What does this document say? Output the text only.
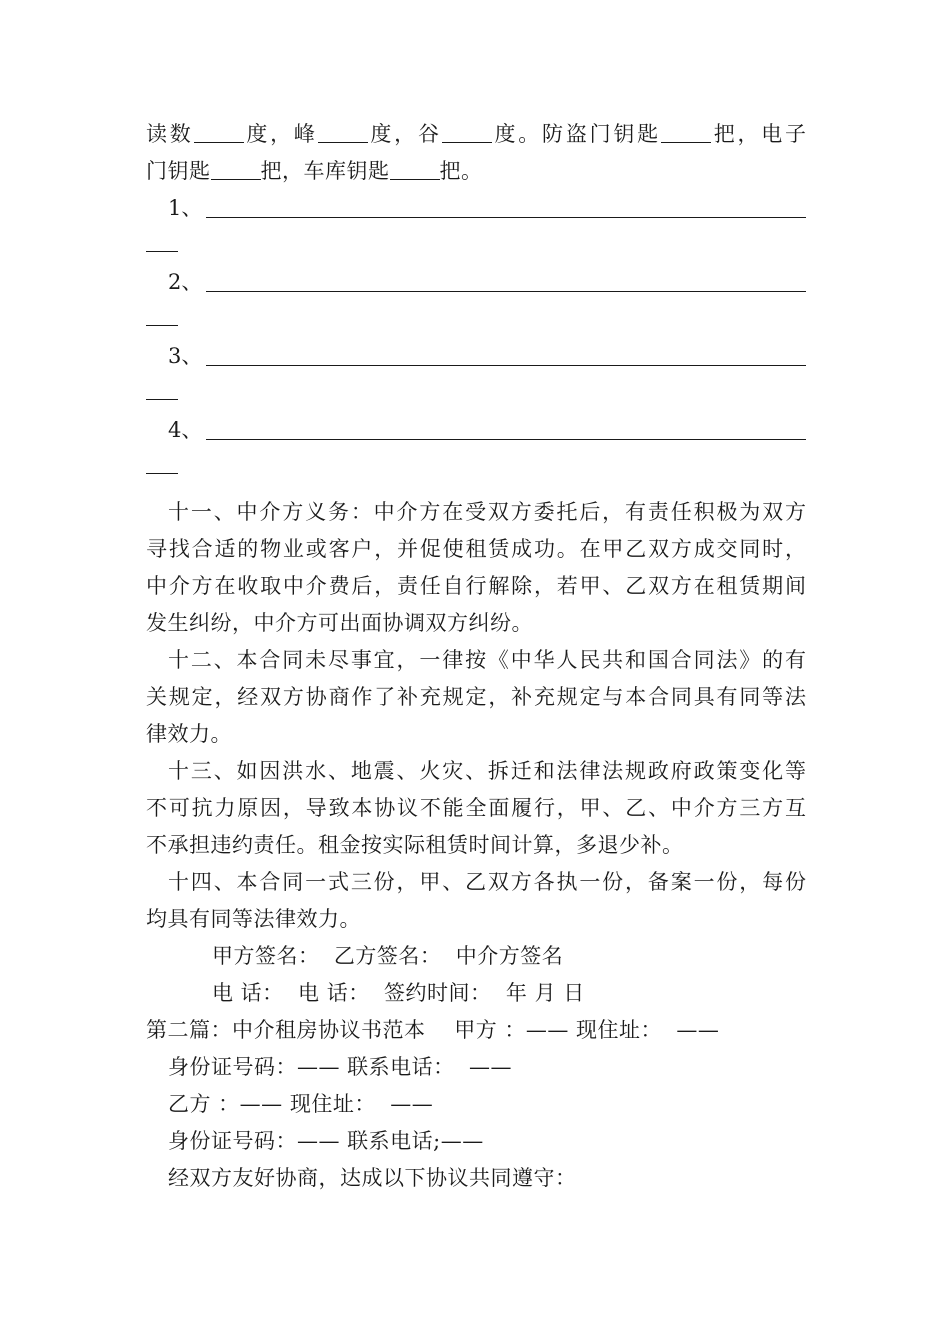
读数 度，峰 度，谷 度。防盗门钥匙 把，电子
门钥匙 把，车库钥匙 把。
1、
2、
3、
4、
十一、中介方义务：中介方在受双方委托后，有责任积极为双方
寻找合适的物业或客户，并促使租赁成功。在甲乙双方成交同时，
中介方在收取中介费后，责任自行解除，若甲、乙双方在租赁期间
发生纠纷，中介方可出面协调双方纠纷。
十二、本合同未尽事宜，一律按《中华人民共和国合同法》的有
关规定，经双方协商作了补充规定，补充规定与本合同具有同等法
律效力。
十三、如因洪水、地震、火灾、拆迁和法律法规政府政策变化等
不可抗力原因，导致本协议不能全面履行，甲、乙、中介方三方互
不承担违约责任。租金按实际租赁时间计算，多退少补。
十四、本合同一式三份，甲、乙双方各执一份，备案一份，每份
均具有同等法律效力。
甲方签名：  乙方签名：  中介方签名
电 话：  电 话：  签约时间：  年 月 日
第二篇：中介租房协议书范本    甲方 ：—— 现住址：  ——
身份证号码：—— 联系电话：  ——
乙方 ：—— 现住址：  ——
身份证号码：—— 联系电话;——
经双方友好协商，达成以下协议共同遵守：
